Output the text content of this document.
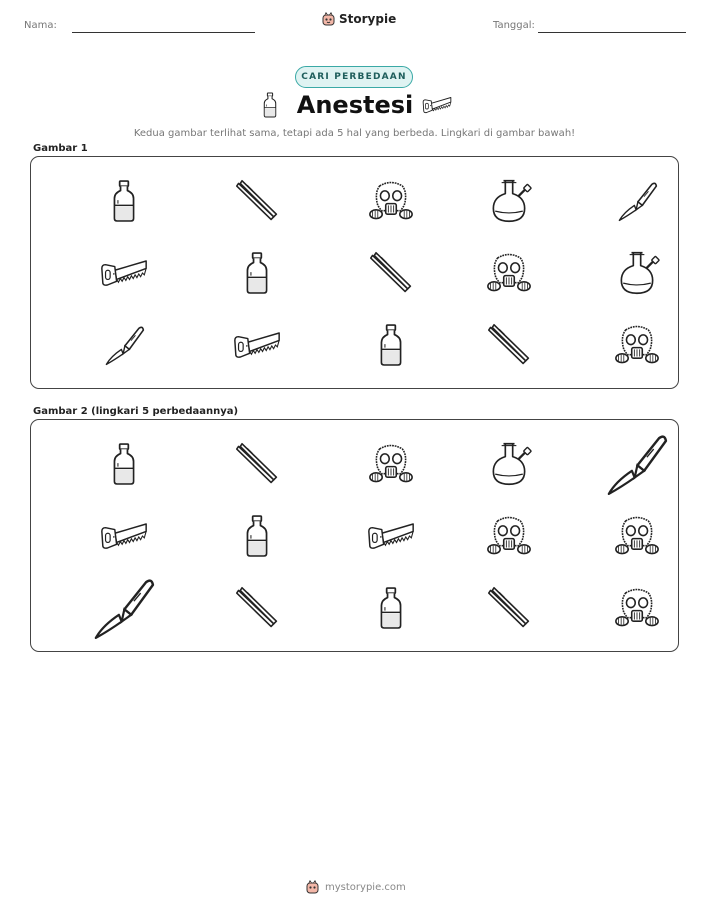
Nama:	Storypie	Tanggal:
CARI PERBEDAAN
Anestesi
Kedua gambar terlihat sama, tetapi ada 5 hal yang berbeda. Lingkari di gambar bawah!
Gambar 1
Gambar 2 (lingkari 5 perbedaannya)
mystorypie.com
